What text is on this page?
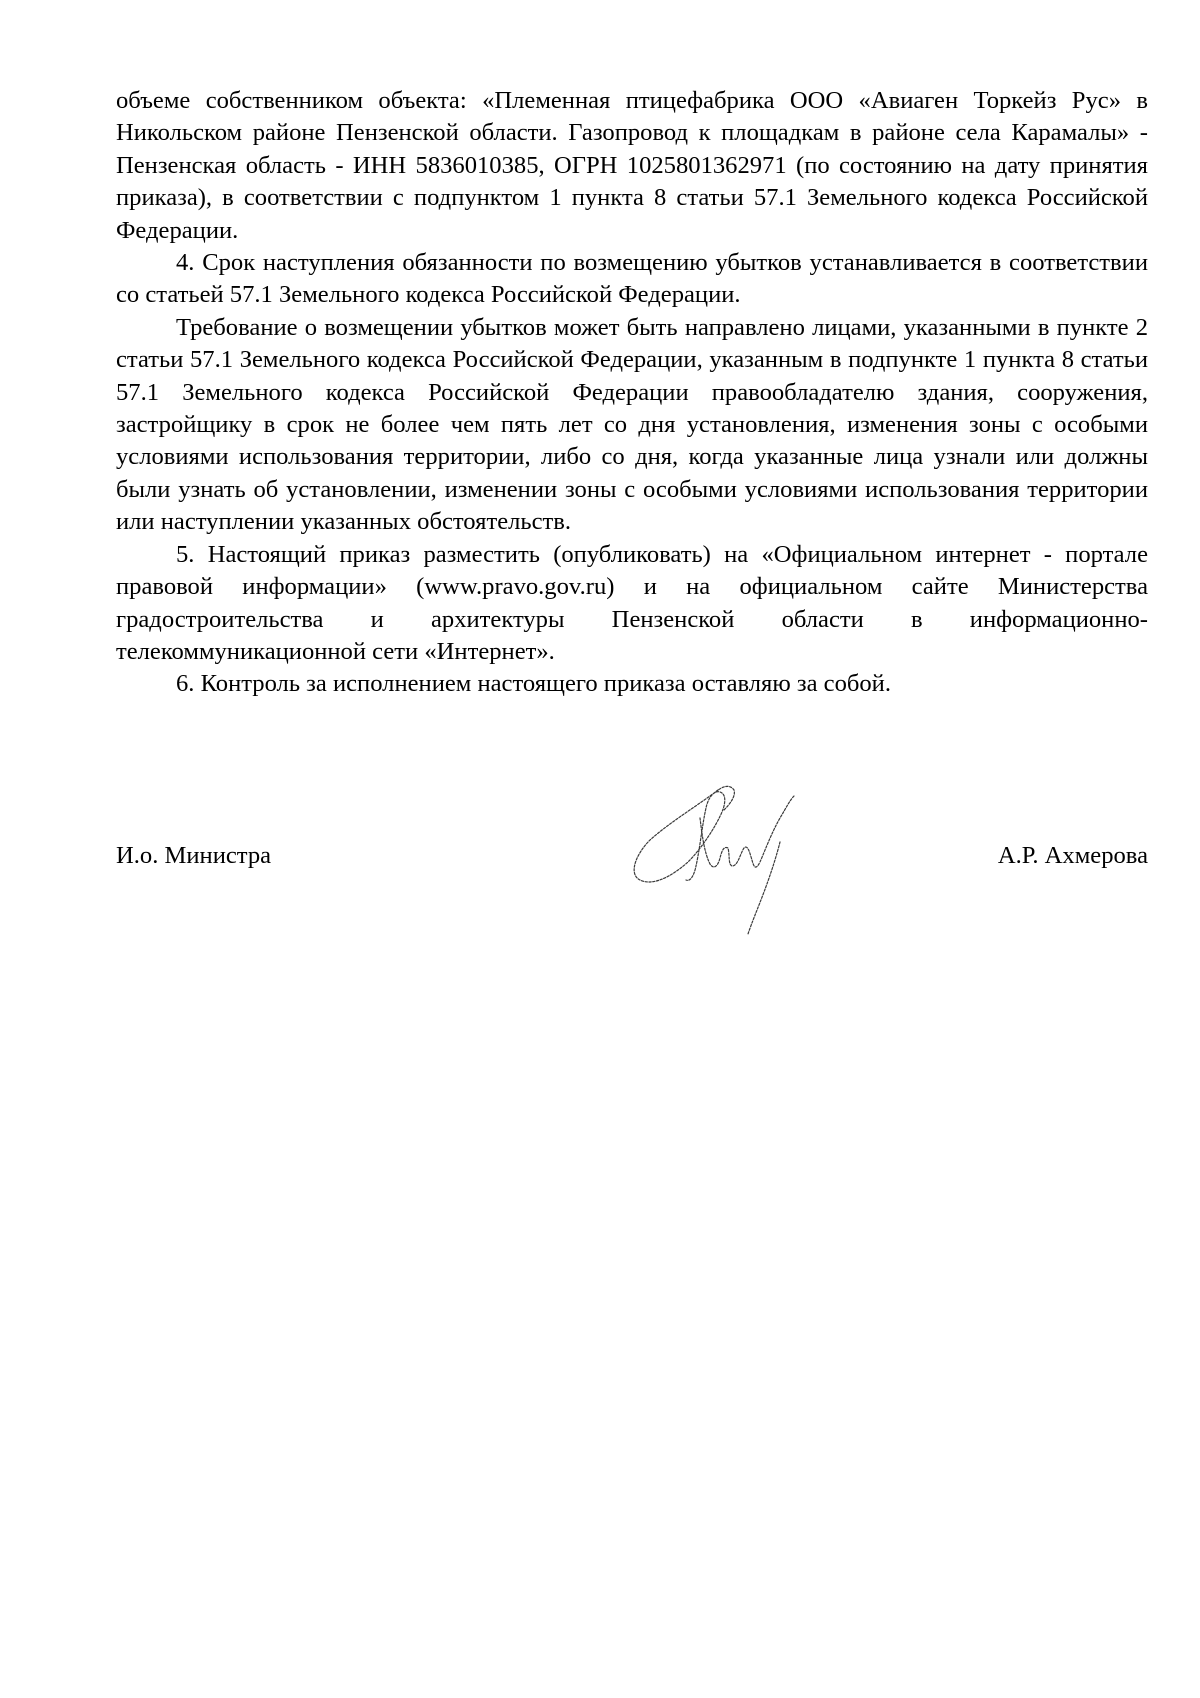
объеме собственником объекта: «Племенная птицефабрика ООО «Авиаген Торкейз Рус» в Никольском районе Пензенской области. Газопровод к площадкам в районе села Карамалы» - Пензенская область - ИНН 5836010385, ОГРН 1025801362971 (по состоянию на дату принятия приказа), в соответствии с подпунктом 1 пункта 8 статьи 57.1 Земельного кодекса Российской Федерации.

4. Срок наступления обязанности по возмещению убытков устанавливается в соответствии со статьей 57.1 Земельного кодекса Российской Федерации.

Требование о возмещении убытков может быть направлено лицами, указанными в пункте 2 статьи 57.1 Земельного кодекса Российской Федерации, указанным в подпункте 1 пункта 8 статьи 57.1 Земельного кодекса Российской Федерации правообладателю здания, сооружения, застройщику в срок не более чем пять лет со дня установления, изменения зоны с особыми условиями использования территории, либо со дня, когда указанные лица узнали или должны были узнать об установлении, изменении зоны с особыми условиями использования территории или наступлении указанных обстоятельств.

5. Настоящий приказ разместить (опубликовать) на «Официальном интернет - портале правовой информации» (www.pravo.gov.ru) и на официальном сайте Министерства градостроительства и архитектуры Пензенской области в информационно-телекоммуникационной сети «Интернет».

6. Контроль за исполнением настоящего приказа оставляю за собой.

И.о. Министра	А.Р. Ахмерова
